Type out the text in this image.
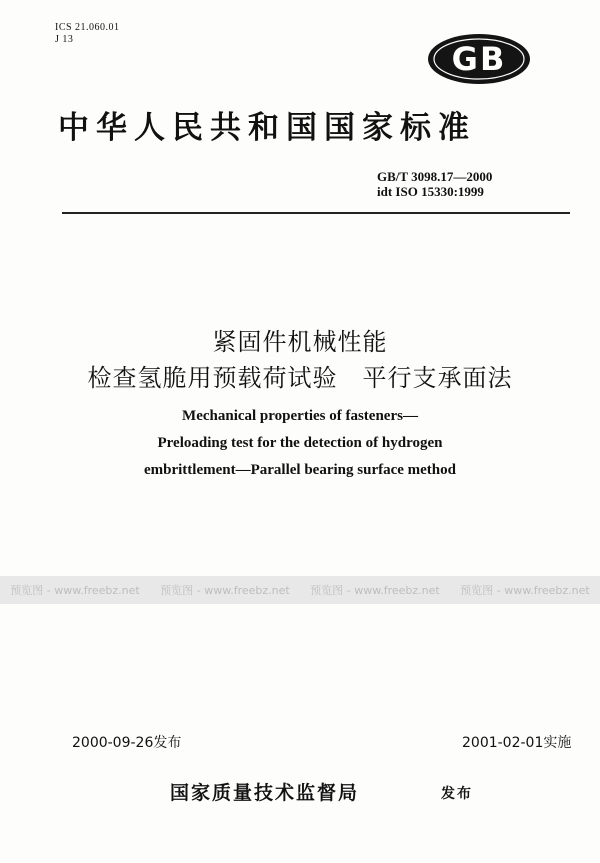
ICS 21.060.01
J 13
GB
中华人民共和国国家标准
GB/T 3098.17—2000
idt ISO 15330:1999
紧固件机械性能
检查氢脆用预载荷试验　平行支承面法
Mechanical properties of fasteners—
Preloading test for the detection of hydrogen
embrittlement—Parallel bearing surface method
预览图 - www.freebz.net 预览图 - www.freebz.net 预览图 - www.freebz.net 预览图 - www.freebz.net
2000-09-26发布	2001-02-01实施
国家质量技术监督局	发布
